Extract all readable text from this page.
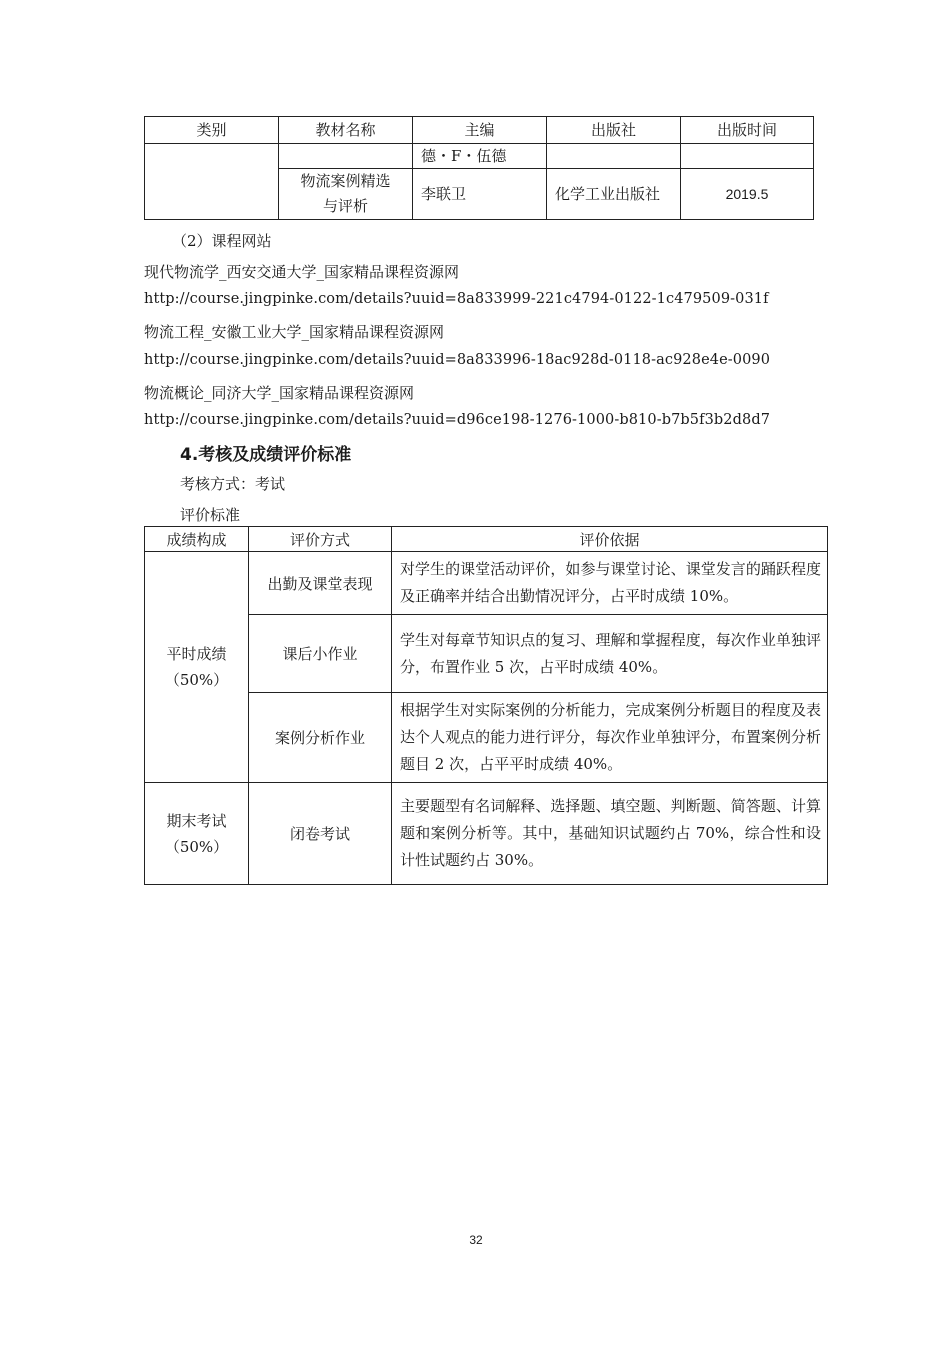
类别	教材名称	主编	出版社	出版时间
		德・F・伍德		
	物流案例精选与评析	李联卫	化学工业出版社	2019.5
（2）课程网站
现代物流学_西安交通大学_国家精品课程资源网
http://course.jingpinke.com/details?uuid=8a833999-221c4794-0122-1c479509-031f
物流工程_安徽工业大学_国家精品课程资源网
http://course.jingpinke.com/details?uuid=8a833996-18ac928d-0118-ac928e4e-0090
物流概论_同济大学_国家精品课程资源网
http://course.jingpinke.com/details?uuid=d96ce198-1276-1000-b810-b7b5f3b2d8d7
4.考核及成绩评价标准
考核方式：考试
评价标准
成绩构成	评价方式	评价依据

平时成绩
（50%）	出勤及课堂表现	对学生的课堂活动评价，如参与课堂讨论、课堂发言的踊跃程度及正确率并结合出勤情况评分，占平时成绩 10%。
	课后小作业	学生对每章节知识点的复习、理解和掌握程度，每次作业单独评分，布置作业 5 次，占平时成绩 40%。
	案例分析作业	根据学生对实际案例的分析能力，完成案例分析题目的程度及表达个人观点的能力进行评分，每次作业单独评分，布置案例分析题目 2 次，占平平时成绩 40%。

期末考试
（50%）	闭卷考试	主要题型有名词解释、选择题、填空题、判断题、简答题、计算题和案例分析等。其中，基础知识试题约占 70%，综合性和设计性试题约占 30%。
32
